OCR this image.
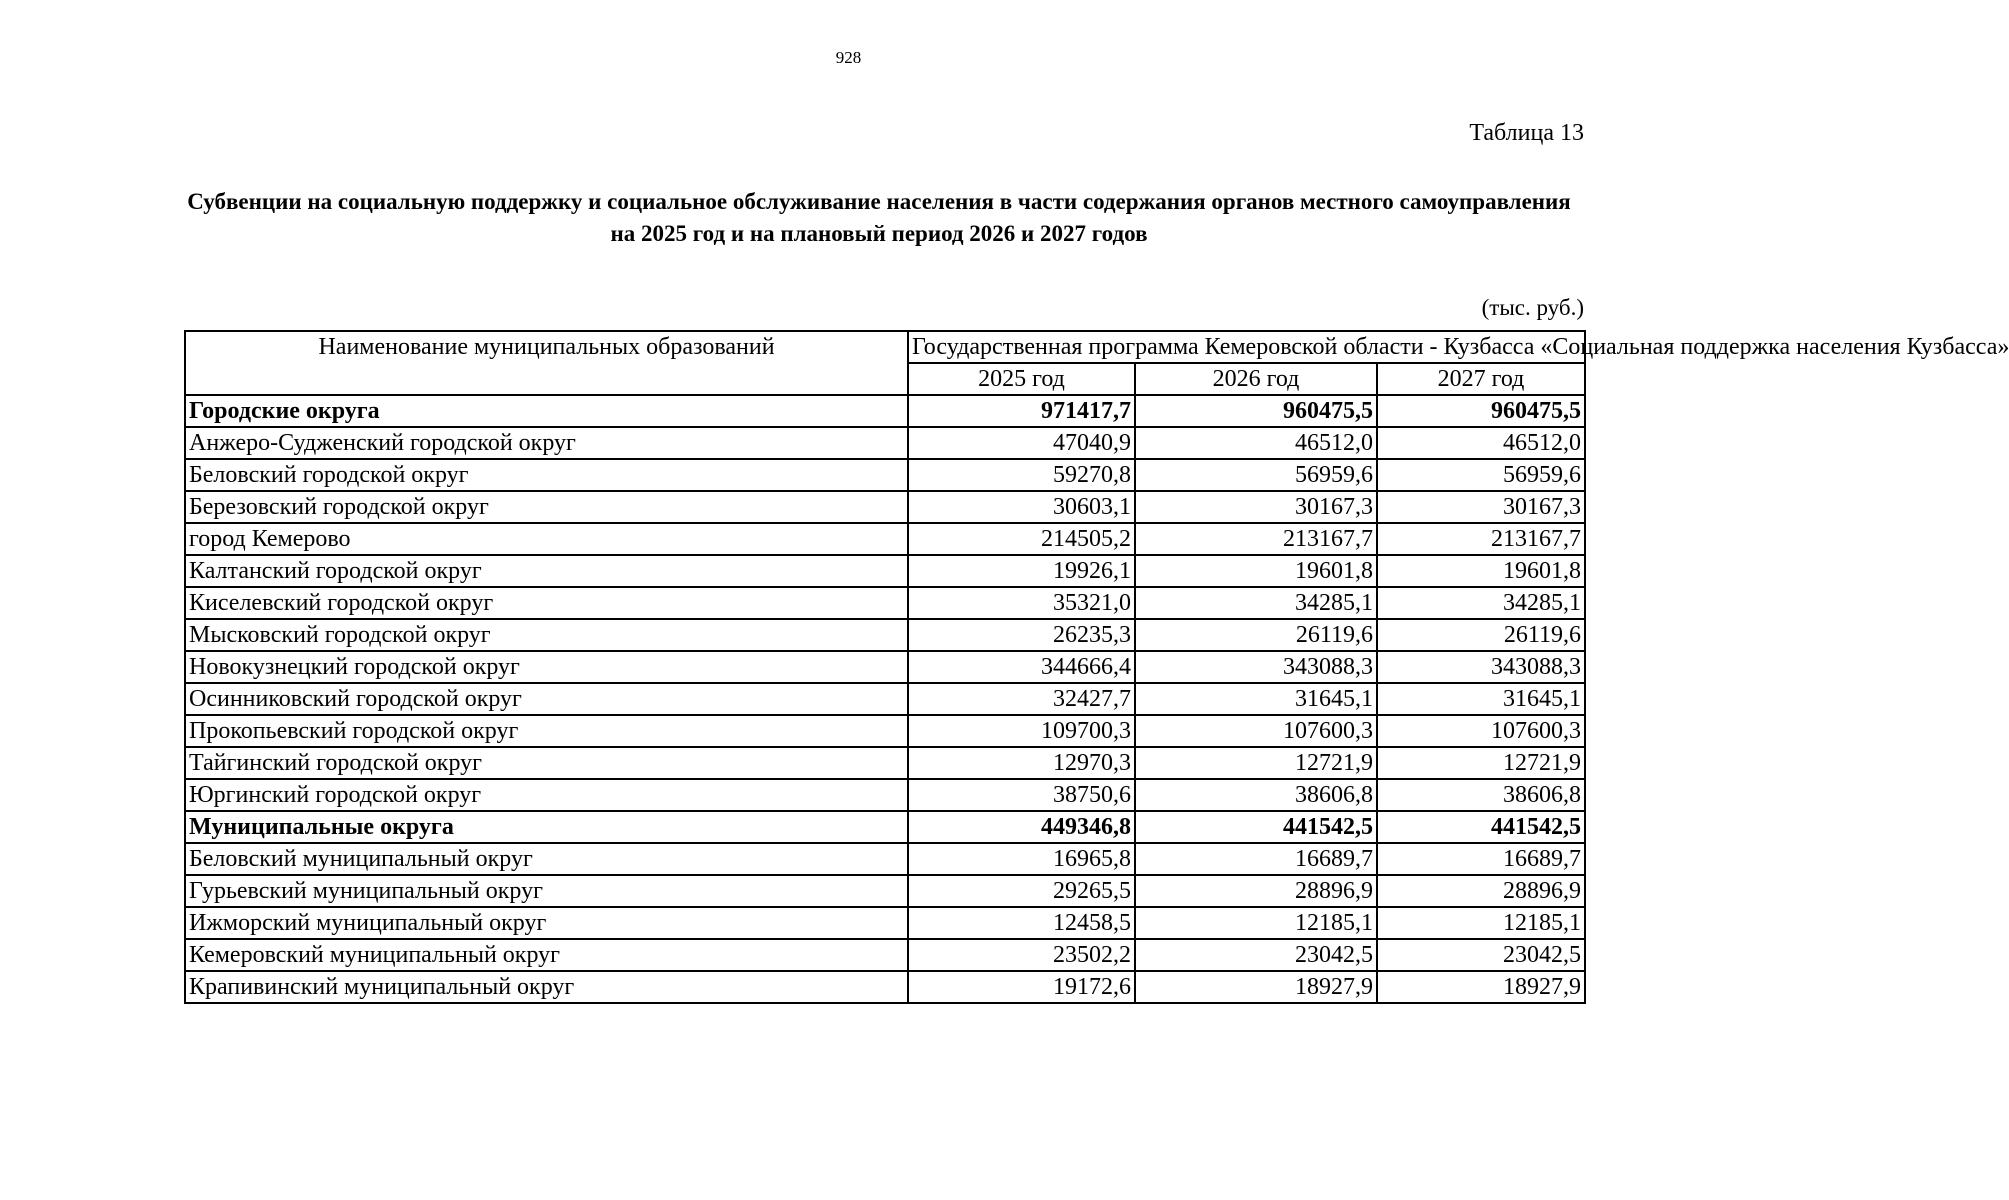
928
Таблица 13
Субвенции на социальную поддержку и социальное обслуживание населения в части содержания органов местного самоуправления на 2025 год и на плановый период 2026 и 2027 годов
(тыс. руб.)
Наименование муниципальных образований	Государственная программа Кемеровской области - Кузбасса «Социальная поддержка населения Кузбасса»		
	2025 год	2026 год	2027 год
Городские округа	971417,7	960475,5	960475,5
Анжеро-Судженский городской округ	47040,9	46512,0	46512,0
Беловский городской округ	59270,8	56959,6	56959,6
Березовский городской округ	30603,1	30167,3	30167,3
город Кемерово	214505,2	213167,7	213167,7
Калтанский городской округ	19926,1	19601,8	19601,8
Киселевский городской округ	35321,0	34285,1	34285,1
Мысковский городской округ	26235,3	26119,6	26119,6
Новокузнецкий городской округ	344666,4	343088,3	343088,3
Осинниковский городской округ	32427,7	31645,1	31645,1
Прокопьевский городской округ	109700,3	107600,3	107600,3
Тайгинский городской округ	12970,3	12721,9	12721,9
Юргинский городской округ	38750,6	38606,8	38606,8
Муниципальные округа	449346,8	441542,5	441542,5
Беловский муниципальный округ	16965,8	16689,7	16689,7
Гурьевский муниципальный округ	29265,5	28896,9	28896,9
Ижморский муниципальный округ	12458,5	12185,1	12185,1
Кемеровский муниципальный округ	23502,2	23042,5	23042,5
Крапивинский муниципальный округ	19172,6	18927,9	18927,9
